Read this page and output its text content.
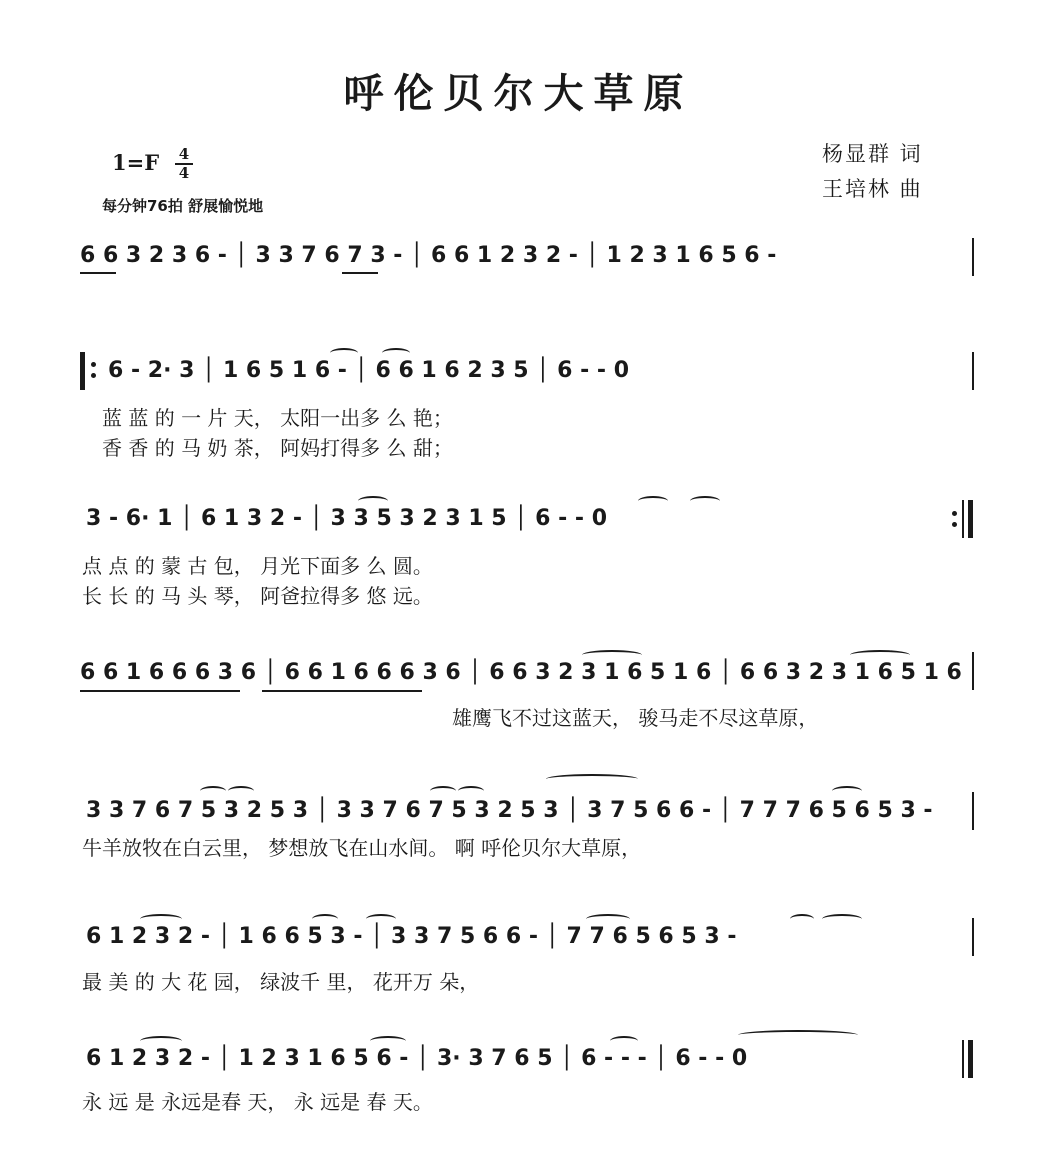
呼伦贝尔大草原
1=F 4
4
每分钟76拍 舒展愉悦地
杨显群 词
王培林 曲
6 6 3 2 3 6 - │ 3 3 7 6 7 3 - │ 6 6 1 2 3 2 - │ 1 2 3 1 6 5 6 -
6 - 2· 3 │ 1 6 5 1 6 - │ 6 6 1 6 2 3 5 │ 6 - - 0
蓝 蓝 的 一 片 天， 太阳一出多 么 艳；
香 香 的 马 奶 茶， 阿妈打得多 么 甜；
3 - 6· 1 │ 6 1 3 2 - │ 3 3 5 3 2 3 1 5 │ 6 - - 0
点 点 的 蒙 古 包， 月光下面多 么 圆。
长 长 的 马 头 琴， 阿爸拉得多 悠 远。
6 6 1 6 6 6 3 6 │ 6 6 1 6 6 6 3 6 │ 6 6 3 2 3 1 6 5 1 6 │ 6 6 3 2 3 1 6 5 1 6
雄鹰飞不过这蓝天， 骏马走不尽这草原，
3 3 7 6 7 5 3 2 5 3 │ 3 3 7 6 7 5 3 2 5 3 │ 3 7 5 6 6 - │ 7 7 7 6 5 6 5 3 -
牛羊放牧在白云里， 梦想放飞在山水间。 啊 呼伦贝尔大草原，
6 1 2 3 2 - │ 1 6 6 5 3 - │ 3 3 7 5 6 6 - │ 7 7 6 5 6 5 3 -
最 美 的 大 花 园， 绿波千 里， 花开万 朵，
6 1 2 3 2 - │ 1 2 3 1 6 5 6 - │ 3· 3 7 6 5 │ 6 - - - │ 6 - - 0
永 远 是 永远是春 天， 永 远是 春 天。
